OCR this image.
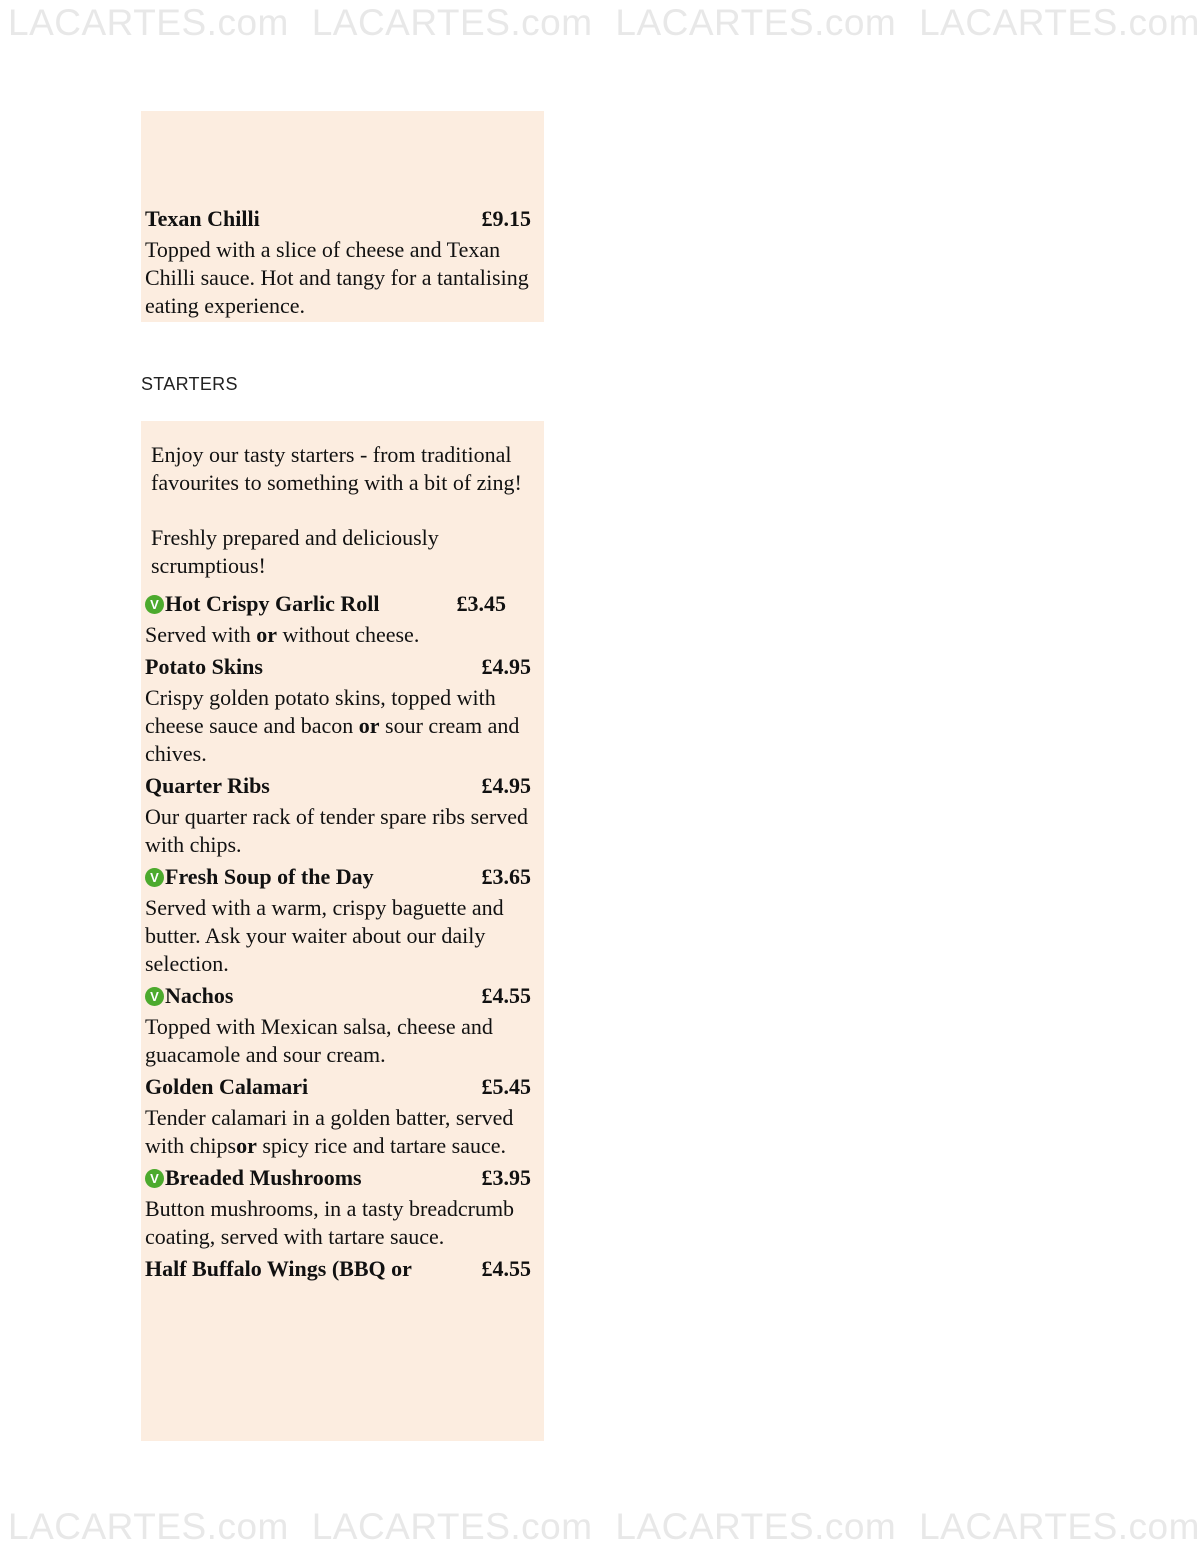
LACARTES.com LACARTES.com LACARTES.com LACARTES.com
Texan Chilli	£9.15
Topped with a slice of cheese and Texan Chilli sauce. Hot and tangy for a tantalising eating experience.
STARTERS

Enjoy our tasty starters - from traditional favourites to something with a bit of zing!

Freshly prepared and deliciously scrumptious!

V Hot Crispy Garlic Roll	£3.45
Served with or without cheese.
Potato Skins	£4.95
Crispy golden potato skins, topped with cheese sauce and bacon or sour cream and chives.
Quarter Ribs	£4.95
Our quarter rack of tender spare ribs served with chips.
V Fresh Soup of the Day	£3.65
Served with a warm, crispy baguette and butter. Ask your waiter about our daily selection.
V Nachos	£4.55
Topped with Mexican salsa, cheese and guacamole and sour cream.
Golden Calamari	£5.45
Tender calamari in a golden batter, served with chipsor spicy rice and tartare sauce.
V Breaded Mushrooms	£3.95
Button mushrooms, in a tasty breadcrumb coating, served with tartare sauce.
Half Buffalo Wings (BBQ or	£4.55
LACARTES.com LACARTES.com LACARTES.com LACARTES.com
